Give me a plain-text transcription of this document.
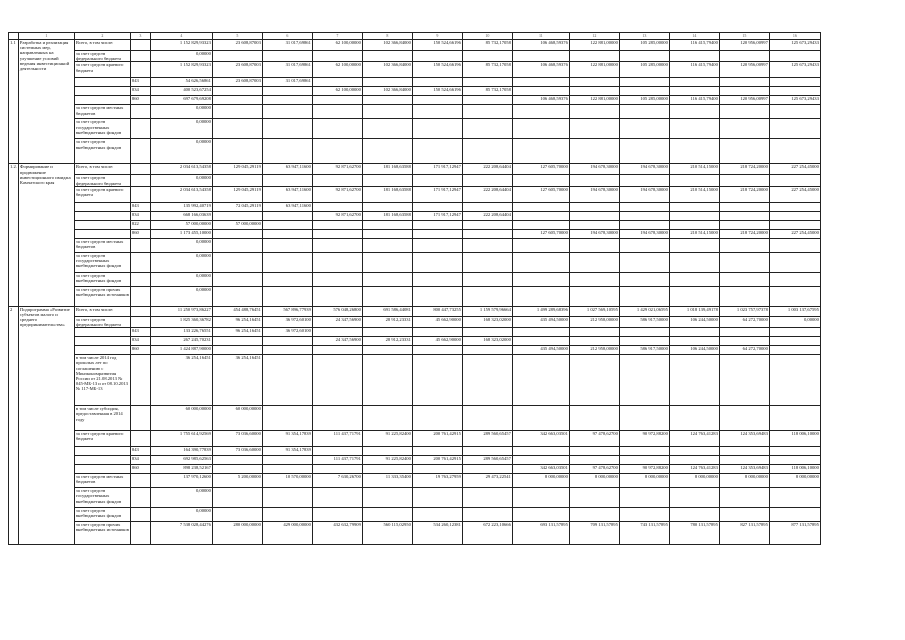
	1	2	3	4	5	6	7	8	9	10	11	12	13	14	15	16
1.1	Разработка и реализация системных мер, направленных на улучшение условий ведения инвестиционной деятельности	Всего, в том числе:		1 152 829,93323	23 608,87003	31 017,69861	62 100,00000	102 366,84000	150 524,66196	85 732,17058	106 468,59376	122 881,00000	105 285,00000	116 415,79400	120 956,00997	125 673,29433
		за счет средств федерального бюджета		0,00000												
		за счет средств краевого бюджета		1 152 829,93323	23 608,87003	31 017,69861	62 100,00000	102 366,84000	150 524,66196	85 732,17058	106 468,59376	122 881,00000	105 285,00000	116 415,79400	120 956,00997	125 673,29433
			843	54 626,56861	23 608,87003	31 017,69861										
			834	400 523,67254			62 100,00000	102 366,84000	150 524,66196	85 732,17058						
			860	697 679,69208							106 468,59376	122 881,00000	105 285,00000	116 415,79400	120 956,00997	125 673,29433
		за счет средств местных бюджетов		0,00000												
		за счет средств государственных внебюджетных фондов		0,00000												
		за счет средств внебюджетных фондов		0,00000												
1.2.	Формирование и продвижение инвестиционного имиджа Камчатского края	Всего, в том числе:		2 034 613,54358	129 045,29119	63 947,11600	92 871,62700	181 168,63588	171 917,12947	222 208,64404	127 605,70000	194 678,30000	194 678,30000	210 514,15000	218 724,20000	227 254,45000
		за счет средств федерального бюджета		0,00000												
		за счет средств краевого бюджета		2 034 613,54358	129 045,29119	63 947,11600	92 871,62700	181 168,63588	171 917,12947	222 208,64404	127 605,70000	194 678,30000	194 678,30000	210 514,15000	218 724,20000	227 254,45000
			843	135 992,40719	72 045,29119	63 947,11600										
			834	668 166,03639			92 871,62700	181 168,63588	171 917,12947	222 208,64404						
			822	57 000,00000	57 000,00000											
			860	1 173 455,10000							127 605,70000	194 678,30000	194 678,30000	210 514,15000	218 724,20000	227 254,45000
		за счет средств местных бюджетов		0,00000												
		за счет средств государственных внебюджетных фондов		0,00000												
		за счет средств внебюджетных фондов		0,00000												
		за счет средств прочих внебюджетных источников		0,00000												
2	Подпрограмма «Развитие субъектов малого и среднего предпринимательства»	Всего, в том числе:		11 250 973,86227	454 488,76451	567 896,77939	576 048,26800	691 586,44081	800 447,73255	1 159 579,96664	1 499 289,68396	1 027 569,10595	1 429 021,06595	1 018 139,49178	1 023 757,97378	1 003 137,67595
		за счет средств федерального бюджета		1 825 360,36782	96 254,16451	36 972,60100	24 347,56900	28 912,23331	45 662,90000	168 323,02000	435 494,50000	212 958,00000	586 917,50000	106 244,50000	64 272,70000	0,00000
			843	133 226,76551	96 254,16451	36 972,60100										
			834	267 245,70231			24 347,56900	28 912,23331	45 662,90000	168 323,02000						
			860	1 424 887,90000							435 494,50000	212 958,00000	586 917,50000	106 244,50000	64 272,70000	
		в том числе 2014 год прошлых лет по соглашению с Минэкономразвития России от 21.08.2013 № 045-МБ-13 и от 08.10.2013 № 117-МБ-13		36 254,16451	36 254,16451											
		в том числе субсидия, предоставленная в 2014 году		60 000,00000	60 000,00000											
		за счет средств краевого бюджета		1 755 614,92569	73 036,60000	91 354,17839	111 437,71791	91 225,82400	200 761,42915	289 560,65457	342 663,03501	97 478,62700	90 972,88200	124 763,41283	124 353,69483	118 006,10000
			843	164 390,77839	73 036,60000	91 354,17839										
			834	692 985,62563			111 437,71791	91 225,82400	200 761,42915	289 560,65457						
			860	898 238,52167							342 663,03501	97 478,62700	90 972,88200	124 763,41283	124 353,69483	118 006,10000
		за счет средств местных бюджетов		137 970,12600	5 200,00000	10 570,00000	7 630,26700	11 333,35400	19 763,27959	29 473,22541	8 000,00000	8 000,00000	8 000,00000	8 000,00000	8 000,00000	8 000,00000
		за счет средств государственных внебюджетных фондов		0,00000												
		за счет средств внебюджетных фондов		0,00000												
		за счет средств прочих внебюджетных источников		7 538 028,44276	280 000,00000	429 000,00000	432 632,79909	560 115,02950	534 260,12381	672 223,10666	693 131,57895	709 131,57895	743 131,57895	780 131,57895	827 131,57895	877 131,57895
